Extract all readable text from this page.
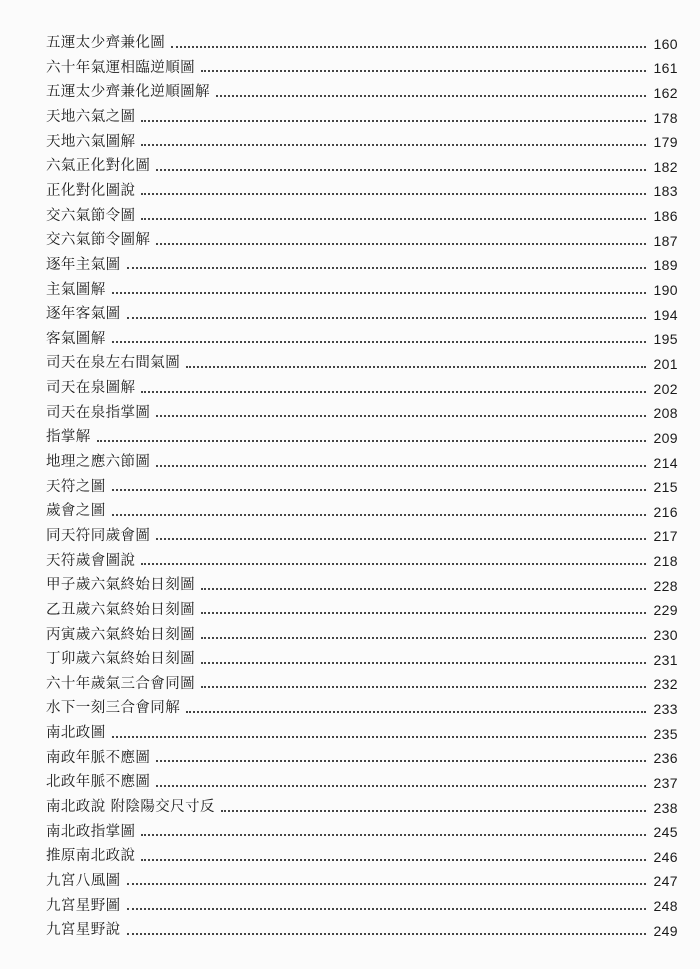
五運太少齊兼化圖	160
六十年氣運相臨逆順圖	161
五運太少齊兼化逆順圖解	162
天地六氣之圖	178
天地六氣圖解	179
六氣正化對化圖	182
正化對化圖說	183
交六氣節令圖	186
交六氣節令圖解	187
逐年主氣圖	189
主氣圖解	190
逐年客氣圖	194
客氣圖解	195
司天在泉左右間氣圖	201
司天在泉圖解	202
司天在泉指掌圖	208
指掌解	209
地理之應六節圖	214
天符之圖	215
歲會之圖	216
同天符同歲會圖	217
天符歲會圖說	218
甲子歲六氣終始日刻圖	228
乙丑歲六氣終始日刻圖	229
丙寅歲六氣終始日刻圖	230
丁卯歲六氣終始日刻圖	231
六十年歲氣三合會同圖	232
水下一刻三合會同解	233
南北政圖	235
南政年脈不應圖	236
北政年脈不應圖	237
南北政說 附陰陽交尺寸反	238
南北政指掌圖	245
推原南北政說	246
九宮八風圖	247
九宮星野圖	248
九宮星野說	249
